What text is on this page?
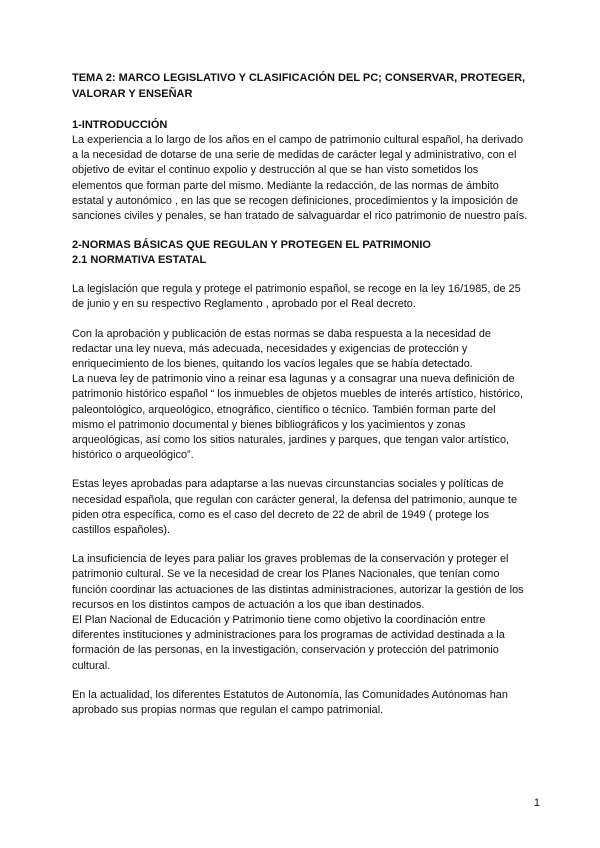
TEMA 2: MARCO LEGISLATIVO Y CLASIFICACIÓN DEL PC; CONSERVAR, PROTEGER, VALORAR Y ENSEÑAR

1-INTRODUCCIÓN

La experiencia a lo largo de los años en el campo de patrimonio cultural español, ha derivado a la necesidad de dotarse de una serie de medidas de carácter legal y administrativo, con el objetivo de evitar el continuo expolio y destrucción al que se han visto sometidos los elementos que forman parte del mismo. Mediante la redacción, de las normas de ámbito estatal y autonómico , en las que se recogen definiciones, procedimientos y la imposición de sanciones civiles y penales, se han tratado de salvaguardar el rico patrimonio de nuestro país.

2-NORMAS BÁSICAS QUE REGULAN Y PROTEGEN EL PATRIMONIO

2.1 NORMATIVA ESTATAL

La legislación que regula y protege el patrimonio español, se recoge en la ley 16/1985, de 25 de junio y en su respectivo Reglamento , aprobado por el Real decreto.

Con la aprobación y publicación de estas normas se daba respuesta a la necesidad de redactar una ley nueva, más adecuada, necesidades y exigencias de protección y enriquecimiento de los bienes, quitando los vacíos legales que se había detectado.

La nueva ley de patrimonio vino a reinar esa lagunas y a consagrar una nueva definición de patrimonio histórico español “ los inmuebles de objetos muebles de interés artístico, histórico, paleontológico, arqueológico, etnográfico, científico o técnico. También forman parte del mismo el patrimonio documental y bienes bibliográficos y los yacimientos y zonas arqueológicas, así como los sitios naturales, jardines y parques, que tengan valor artístico, histórico o arqueológico”.

Estas leyes aprobadas para adaptarse a las nuevas circunstancias sociales y políticas de necesidad española, que regulan con carácter general, la defensa del patrimonio, aunque te piden otra específica, como es el caso del decreto de 22 de abril de 1949 ( protege los castillos españoles).

La insuficiencia de leyes para paliar los graves problemas de la conservación y proteger el patrimonio cultural. Se ve la necesidad de crear los Planes Nacionales, que tenían como función coordinar las actuaciones de las distintas administraciones, autorizar la gestión de los recursos en los distintos campos de actuación a los que iban destinados.

El Plan Nacional de Educación y Patrimonio tiene como objetivo la coordinación entre diferentes instituciones y administraciones para los programas de actividad destinada a la formación de las personas, en la investigación, conservación y protección del patrimonio cultural.

En la actualidad, los diferentes Estatutos de Autonomía, las Comunidades Autónomas han aprobado sus propias normas que regulan el campo patrimonial.

1
